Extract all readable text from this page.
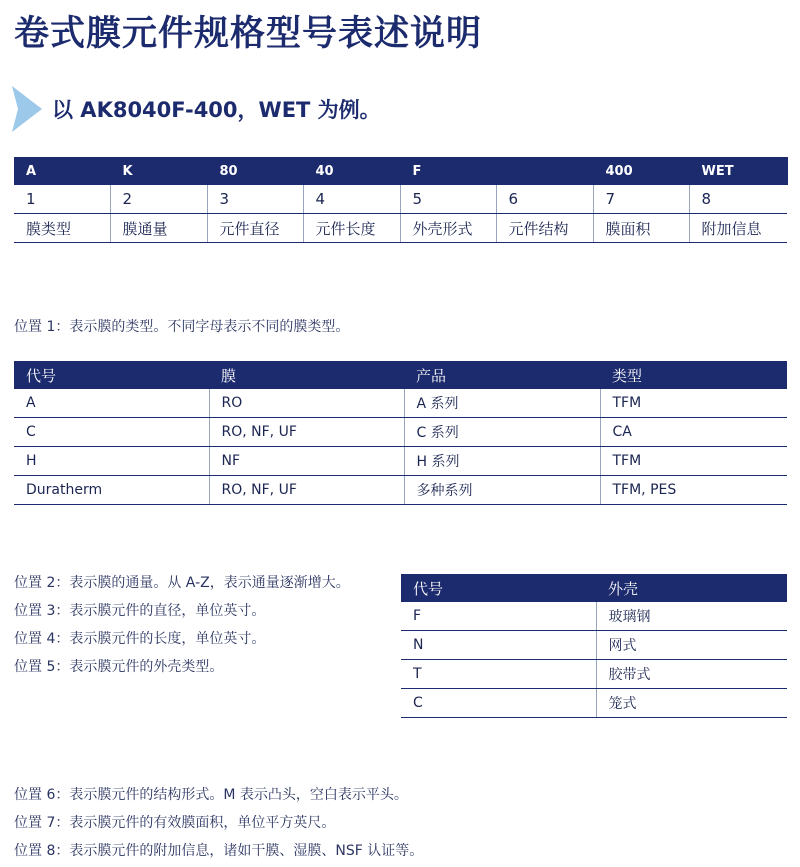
卷式膜元件规格型号表述说明
以 AK8040F-400，WET 为例。
A	K	80	40	F		400	WET
1	2	3	4	5	6	7	8
膜类型	膜通量	元件直径	元件长度	外壳形式	元件结构	膜面积	附加信息

位置 1：表示膜的类型。不同字母表示不同的膜类型。

代号	膜	产品	类型
A	RO	A 系列	TFM
C	RO, NF, UF	C 系列	CA
H	NF	H 系列	TFM
Duratherm	RO, NF, UF	多种系列	TFM, PES

位置 2：表示膜的通量。从 A-Z，表示通量逐渐增大。

位置 3：表示膜元件的直径，单位英寸。

位置 4：表示膜元件的长度，单位英寸。

位置 5：表示膜元件的外壳类型。

代号	外壳
F	玻璃钢
N	网式
T	胶带式
C	笼式

位置 6：表示膜元件的结构形式。M 表示凸头，空白表示平头。

位置 7：表示膜元件的有效膜面积，单位平方英尺。

位置 8：表示膜元件的附加信息，诸如干膜、湿膜、NSF 认证等。
